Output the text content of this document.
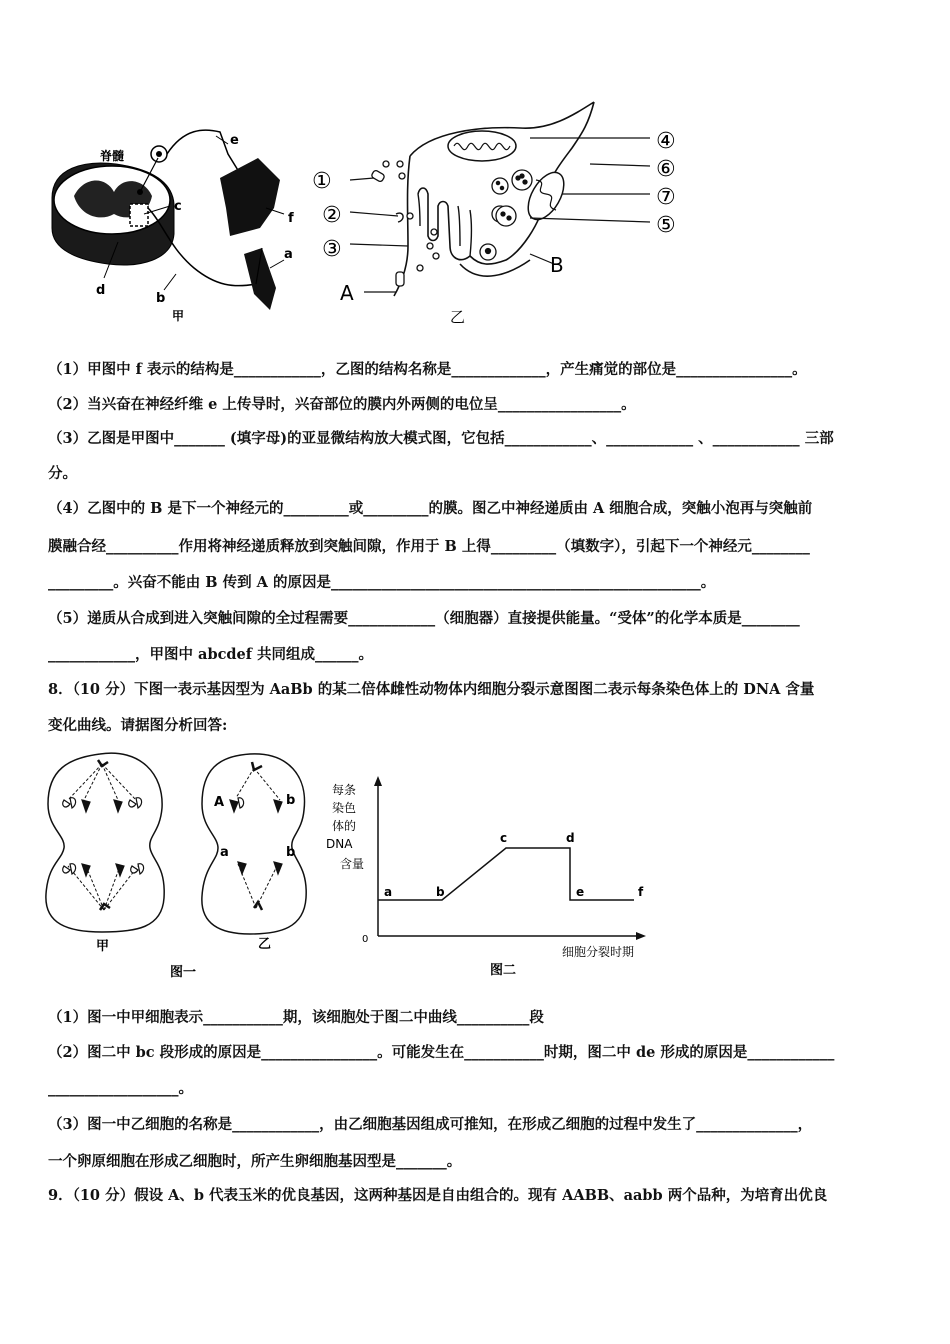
脊髓
e
f
c
a
d
b
甲
①
②
③
A
④
⑥
⑦
⑤
B
乙
（1）甲图中 f 表示的结构是____________，乙图的结构名称是_____________，产生痛觉的部位是________________。
（2）当兴奋在神经纤维 e 上传导时，兴奋部位的膜内外两侧的电位呈_________________。
（3）乙图是甲图中_______ (填字母)的亚显微结构放大模式图，它包括____________、____________ 、____________ 三部
分。
（4）乙图中的 B 是下一个神经元的_________或_________的膜。图乙中神经递质由 A 细胞合成，突触小泡再与突触前
膜融合经__________作用将神经递质释放到突触间隙，作用于 B 上得_________（填数字），引起下一个神经元________
_________。兴奋不能由 B 传到 A 的原因是___________________________________________________。
（5）递质从合成到进入突触间隙的全过程需要____________（细胞器）直接提供能量。“受体”的化学本质是________
____________，甲图中 abcdef 共同组成______。
8．（10 分）下图一表示基因型为 AaBb 的某二倍体雌性动物体内细胞分裂示意图图二表示每条染色体上的 DNA 含量
变化曲线。请据图分析回答:
A	b
a	b
甲	乙
图一
每条
染色
体的
DNA
含量
0
细胞分裂时期
a	b
c	d
e	f
图二
（1）图一中甲细胞表示___________期，该细胞处于图二中曲线__________段
（2）图二中 bc 段形成的原因是________________。可能发生在___________时期，图二中 de 形成的原因是____________
__________________。
（3）图一中乙细胞的名称是____________，由乙细胞基因组成可推知，在形成乙细胞的过程中发生了______________，
一个卵原细胞在形成乙细胞时，所产生卵细胞基因型是_______。
9．（10 分）假设 A、b 代表玉米的优良基因，这两种基因是自由组合的。现有 AABB、aabb 两个品种，为培育出优良
